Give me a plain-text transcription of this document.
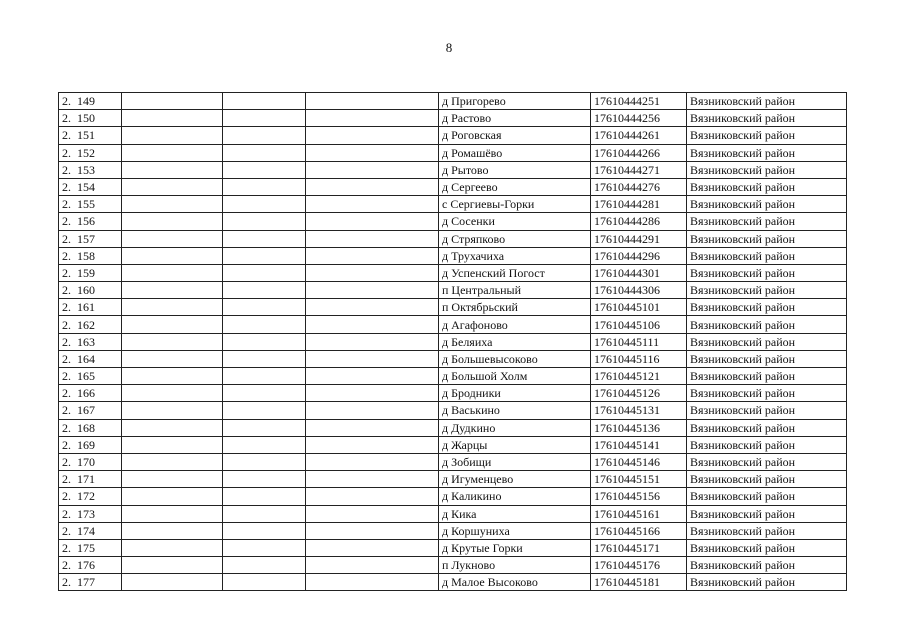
8
2. 149				д Пригорево	17610444251	Вязниковский район
2. 150				д Растово	17610444256	Вязниковский район
2. 151				д Роговская	17610444261	Вязниковский район
2. 152				д Ромашёво	17610444266	Вязниковский район
2. 153				д Рытово	17610444271	Вязниковский район
2. 154				д Сергеево	17610444276	Вязниковский район
2. 155				с Сергиевы-Горки	17610444281	Вязниковский район
2. 156				д Сосенки	17610444286	Вязниковский район
2. 157				д Стряпково	17610444291	Вязниковский район
2. 158				д Трухачиха	17610444296	Вязниковский район
2. 159				д Успенский Погост	17610444301	Вязниковский район
2. 160				п Центральный	17610444306	Вязниковский район
2. 161				п Октябрьский	17610445101	Вязниковский район
2. 162				д Агафоново	17610445106	Вязниковский район
2. 163				д Беляиха	17610445111	Вязниковский район
2. 164				д Большевысоково	17610445116	Вязниковский район
2. 165				д Большой Холм	17610445121	Вязниковский район
2. 166				д Бродники	17610445126	Вязниковский район
2. 167				д Васькино	17610445131	Вязниковский район
2. 168				д Дудкино	17610445136	Вязниковский район
2. 169				д Жарцы	17610445141	Вязниковский район
2. 170				д Зобищи	17610445146	Вязниковский район
2. 171				д Игуменцево	17610445151	Вязниковский район
2. 172				д Каликино	17610445156	Вязниковский район
2. 173				д Кика	17610445161	Вязниковский район
2. 174				д Коршуниха	17610445166	Вязниковский район
2. 175				д Крутые Горки	17610445171	Вязниковский район
2. 176				п Лукново	17610445176	Вязниковский район
2. 177				д Малое Высоково	17610445181	Вязниковский район
